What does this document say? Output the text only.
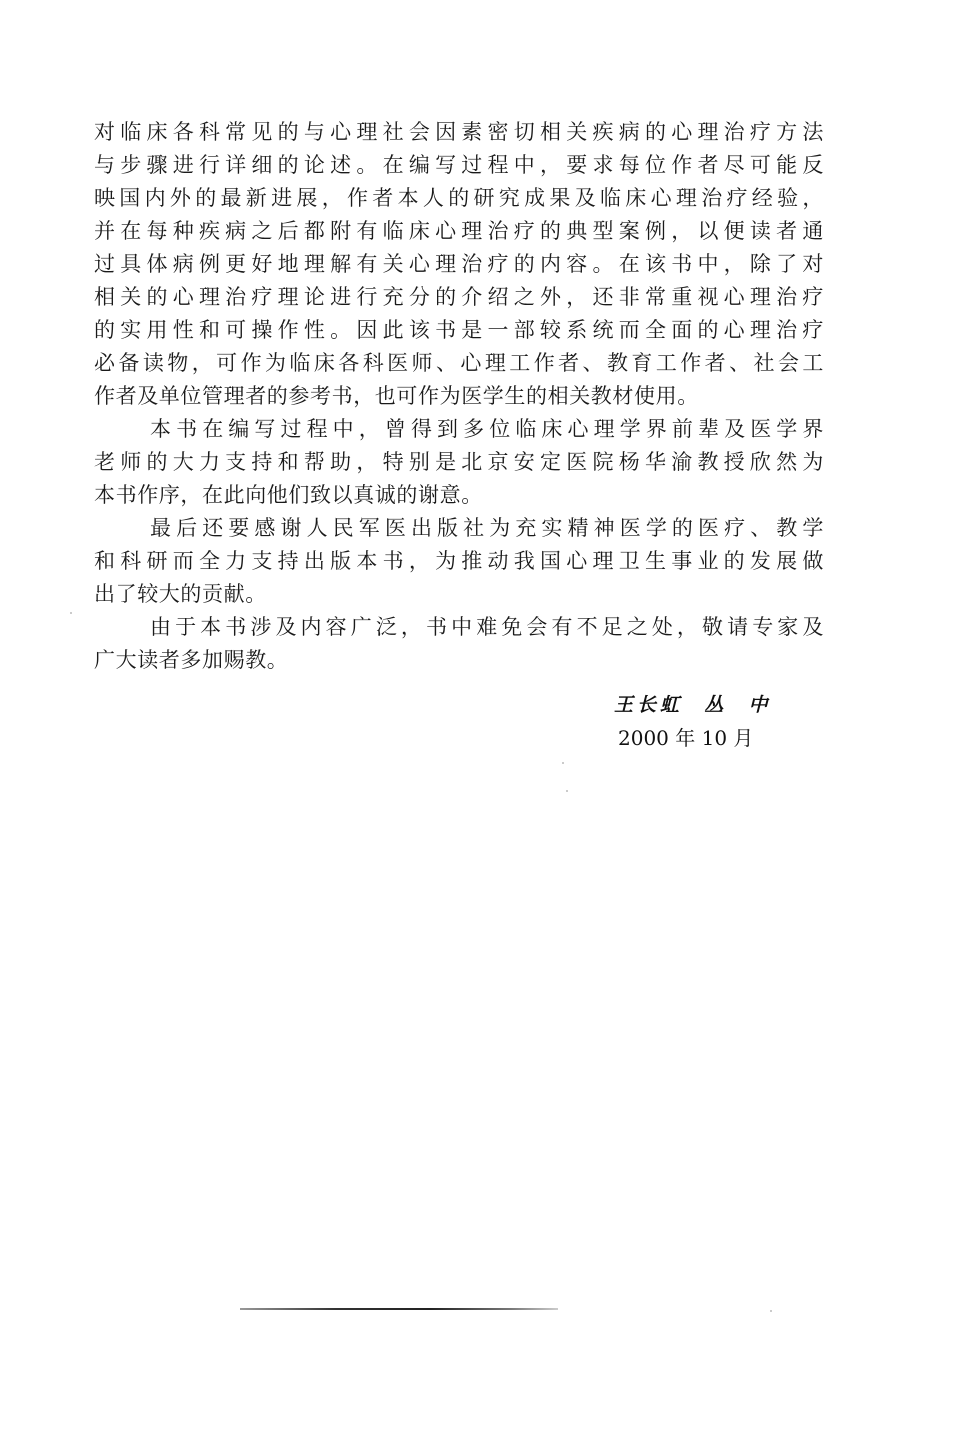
对临床各科常见的与心理社会因素密切相关疾病的心理治疗方法
与步骤进行详细的论述。在编写过程中，要求每位作者尽可能反
映国内外的最新进展，作者本人的研究成果及临床心理治疗经验，
并在每种疾病之后都附有临床心理治疗的典型案例，以便读者通
过具体病例更好地理解有关心理治疗的内容。在该书中，除了对
相关的心理治疗理论进行充分的介绍之外，还非常重视心理治疗
的实用性和可操作性。因此该书是一部较系统而全面的心理治疗
必备读物，可作为临床各科医师、心理工作者、教育工作者、社会工
作者及单位管理者的参考书，也可作为医学生的相关教材使用。
本书在编写过程中，曾得到多位临床心理学界前辈及医学界
老师的大力支持和帮助，特别是北京安定医院杨华渝教授欣然为
本书作序，在此向他们致以真诚的谢意。
最后还要感谢人民军医出版社为充实精神医学的医疗、教学
和科研而全力支持出版本书，为推动我国心理卫生事业的发展做
出了较大的贡献。
由于本书涉及内容广泛，书中难免会有不足之处，敬请专家及
广大读者多加赐教。
王长虹  丛  中
2000 年 10 月
